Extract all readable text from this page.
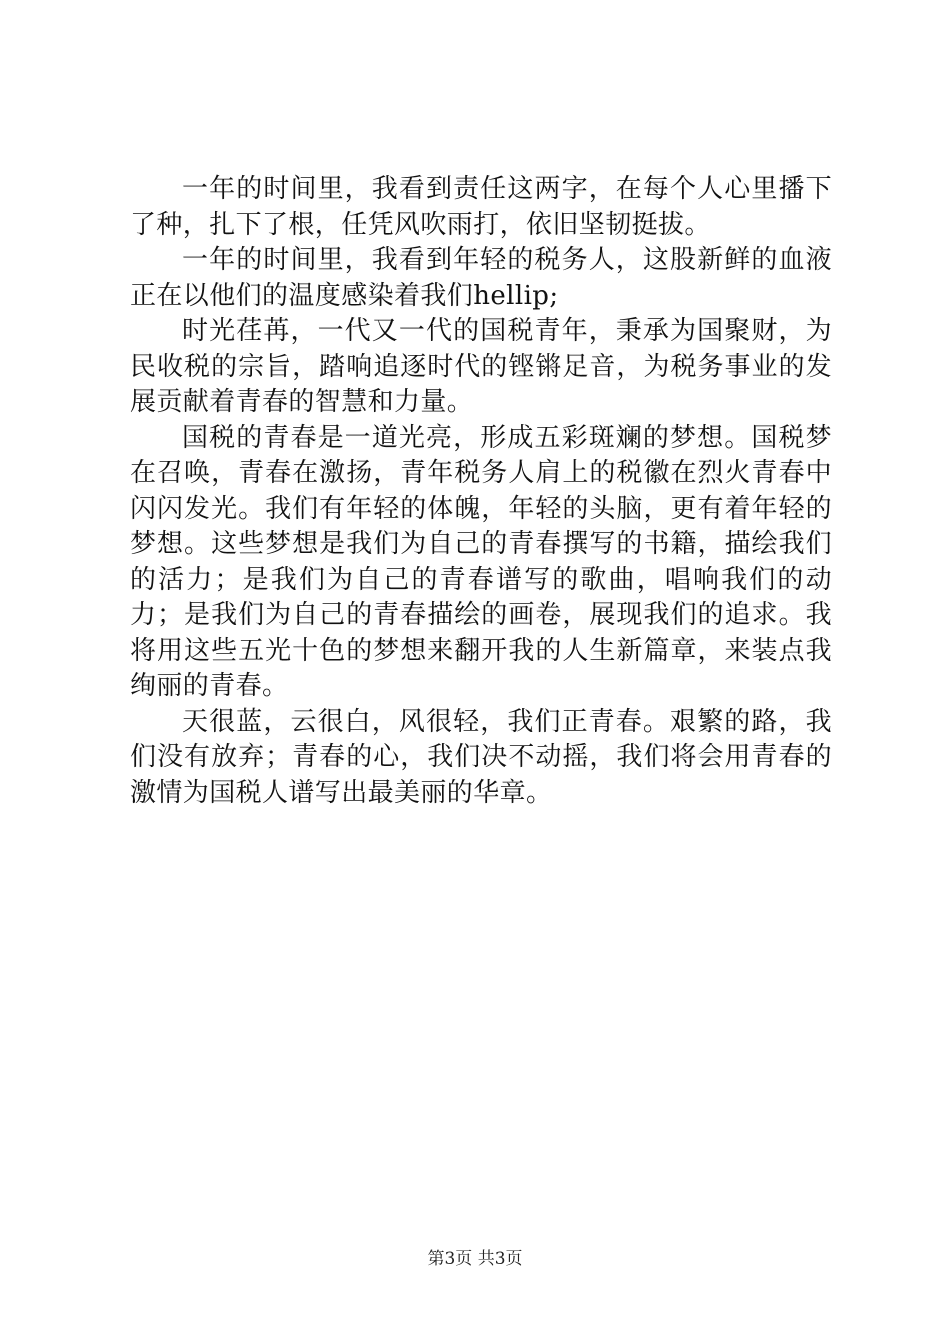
一年的时间里，我看到责任这两字，在每个人心里播下了种，扎下了根，任凭风吹雨打，依旧坚韧挺拔。

一年的时间里，我看到年轻的税务人，这股新鲜的血液正在以他们的温度感染着我们hellip;

时光荏苒，一代又一代的国税青年，秉承为国聚财，为民收税的宗旨，踏响追逐时代的铿锵足音，为税务事业的发展贡献着青春的智慧和力量。

国税的青春是一道光亮，形成五彩斑斓的梦想。国税梦在召唤，青春在激扬，青年税务人肩上的税徽在烈火青春中闪闪发光。我们有年轻的体魄，年轻的头脑，更有着年轻的梦想。这些梦想是我们为自己的青春撰写的书籍，描绘我们的活力；是我们为自己的青春谱写的歌曲，唱响我们的动力；是我们为自己的青春描绘的画卷，展现我们的追求。我将用这些五光十色的梦想来翻开我的人生新篇章，来装点我绚丽的青春。

天很蓝，云很白，风很轻，我们正青春。艰繁的路，我们没有放弃；青春的心，我们决不动摇，我们将会用青春的激情为国税人谱写出最美丽的华章。

第3页 共3页
